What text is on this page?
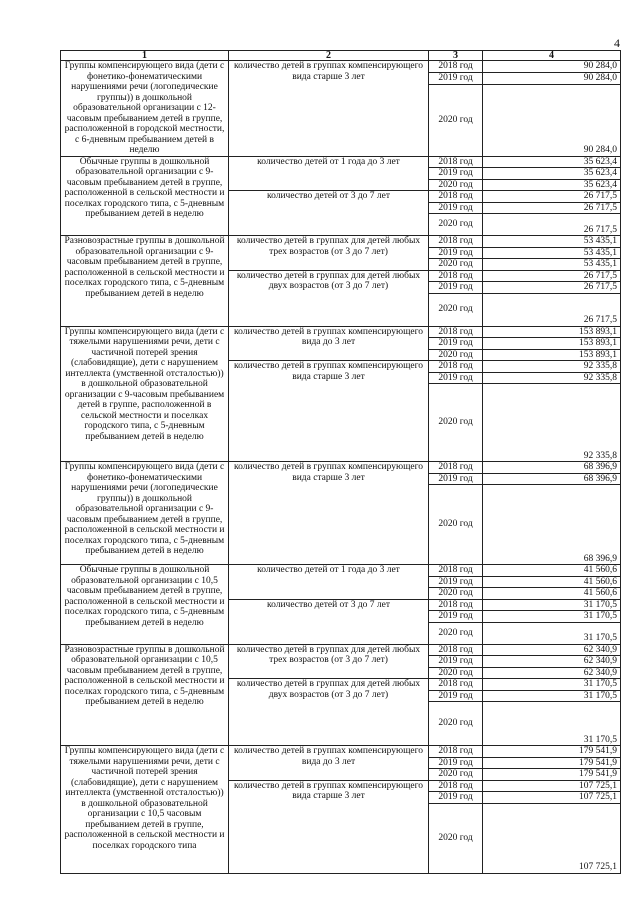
4
1	2	3	4
Группы компенсирующего вида (дети с фонетико-фонематическими нарушениями речи (логопедические группы)) в дошкольной образовательной организации с 12-часовым пребыванием детей в группе, расположенной в городской местности, с 6-дневным пребыванием детей в неделю	количество детей в группах компенсирующего вида старше 3 лет	2018 год	90 284,0
		2019 год	90 284,0
		2020 год	90 284,0
Обычные группы в дошкольной образовательной организации с 9-часовым пребыванием детей в группе, расположенной в сельской местности и поселках городского типа, с 5-дневным пребыванием детей в неделю	количество детей от 1 года до 3 лет	2018 год	35 623,4
		2019 год	35 623,4
		2020 год	35 623,4
	количество детей от 3 до 7 лет	2018 год	26 717,5
		2019 год	26 717,5
		2020 год	26 717,5
Разновозрастные группы в дошкольной образовательной организации с 9-часовым пребыванием детей в группе, расположенной в сельской местности и поселках городского типа, с 5-дневным пребыванием детей в неделю	количество детей в группах для детей любых трех возрастов (от 3 до 7 лет)	2018 год	53 435,1
		2019 год	53 435,1
		2020 год	53 435,1
	количество детей в группах для детей любых двух возрастов (от 3 до 7 лет)	2018 год	26 717,5
		2019 год	26 717,5
		2020 год	26 717,5
Группы компенсирующего вида (дети с тяжелыми нарушениями речи, дети с частичной потерей зрения (слабовидящие), дети с нарушением интеллекта (умственной отсталостью)) в дошкольной образовательной организации с 9-часовым пребыванием детей в группе, расположенной в сельской местности и поселках городского типа, с 5-дневным пребыванием детей в неделю	количество детей в группах компенсирующего вида до 3 лет	2018 год	153 893,1
		2019 год	153 893,1
		2020 год	153 893,1
	количество детей в группах компенсирующего вида старше 3 лет	2018 год	92 335,8
		2019 год	92 335,8
		2020 год	92 335,8
Группы компенсирующего вида (дети с фонетико-фонематическими нарушениями речи (логопедические группы)) в дошкольной образовательной организации с 9-часовым пребыванием детей в группе, расположенной в сельской местности и поселках городского типа, с 5-дневным пребыванием детей в неделю	количество детей в группах компенсирующего вида старше 3 лет	2018 год	68 396,9
		2019 год	68 396,9
		2020 год	68 396,9
Обычные группы в дошкольной образовательной организации с 10,5 часовым пребыванием детей в группе, расположенной в сельской местности и поселках городского типа, с 5-дневным пребыванием детей в неделю	количество детей от 1 года до 3 лет	2018 год	41 560,6
		2019 год	41 560,6
		2020 год	41 560,6
	количество детей от 3 до 7 лет	2018 год	31 170,5
		2019 год	31 170,5
		2020 год	31 170,5
Разновозрастные группы в дошкольной образовательной организации с 10,5 часовым пребыванием детей в группе, расположенной в сельской местности и поселках городского типа, с 5-дневным пребыванием детей в неделю	количество детей в группах для детей любых трех возрастов (от 3 до 7 лет)	2018 год	62 340,9
		2019 год	62 340,9
		2020 год	62 340,9
	количество детей в группах для детей любых двух возрастов (от 3 до 7 лет)	2018 год	31 170,5
		2019 год	31 170,5
		2020 год	31 170,5
Группы компенсирующего вида (дети с тяжелыми нарушениями речи, дети с частичной потерей зрения (слабовидящие), дети с нарушением интеллекта (умственной отсталостью)) в дошкольной образовательной организации с 10,5 часовым пребыванием детей в группе, расположенной в сельской местности и поселках городского типа	количество детей в группах компенсирующего вида до 3 лет	2018 год	179 541,9
		2019 год	179 541,9
		2020 год	179 541,9
	количество детей в группах компенсирующего вида старше 3 лет	2018 год	107 725,1
		2019 год	107 725,1
		2020 год	107 725,1
